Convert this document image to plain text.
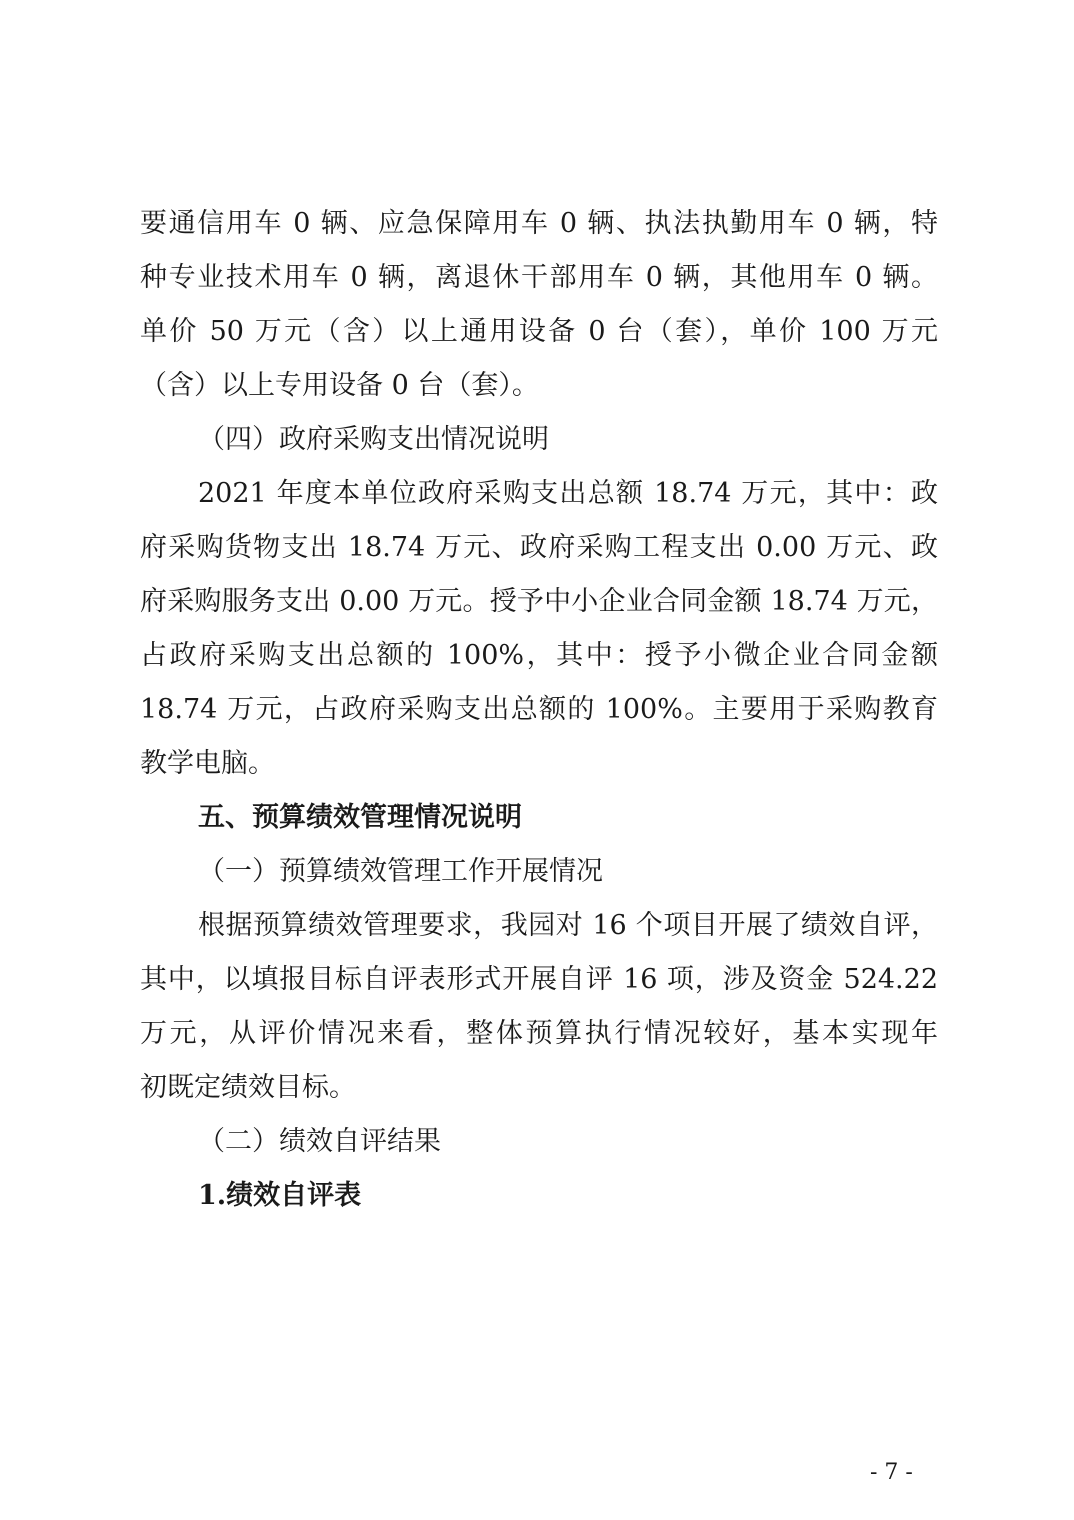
要通信用车 0 辆、应急保障用车 0 辆、执法执勤用车 0 辆，特
种专业技术用车 0 辆，离退休干部用车 0 辆，其他用车 0 辆。
单价 50 万元（含）以上通用设备 0 台（套），单价 100 万元
（含）以上专用设备 0 台（套）。
（四）政府采购支出情况说明
2021 年度本单位政府采购支出总额 18.74 万元，其中：政
府采购货物支出 18.74 万元、政府采购工程支出 0.00 万元、政
府采购服务支出 0.00 万元。授予中小企业合同金额 18.74 万元，
占政府采购支出总额的 100%，其中：授予小微企业合同金额
18.74 万元，占政府采购支出总额的 100%。主要用于采购教育
教学电脑。
五、预算绩效管理情况说明
（一）预算绩效管理工作开展情况
根据预算绩效管理要求，我园对 16 个项目开展了绩效自评，
其中，以填报目标自评表形式开展自评 16 项，涉及资金 524.22
万元，从评价情况来看，整体预算执行情况较好，基本实现年
初既定绩效目标。
（二）绩效自评结果
1.绩效自评表
- 7 -
